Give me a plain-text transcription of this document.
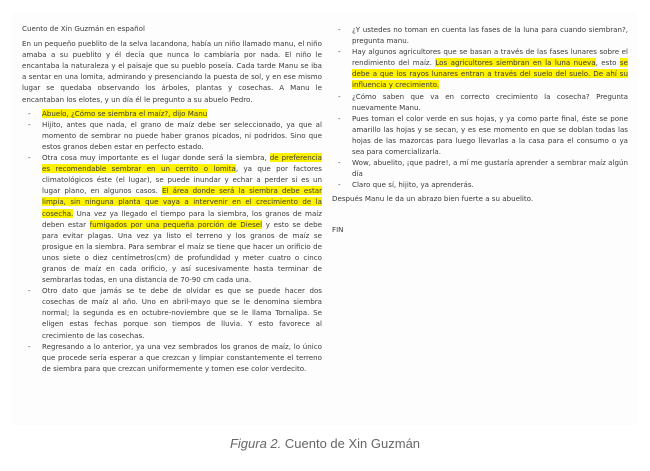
Cuento de Xin Guzmán en español

En un pequeño pueblito de la selva lacandona, había un niño llamado manu, el niño amaba a su pueblito y él decía que nunca lo cambiaría por nada. El niño le encantaba la naturaleza y el paisaje que su pueblo poseía. Cada tarde Manu se iba a sentar en una lomita, admirando y presenciando la puesta de sol, y en ese mismo lugar se quedaba observando los árboles, plantas y cosechas. A Manu le encantaban los elotes, y un día él le pregunto a su abuelo Pedro.

- Abuelo, ¿Cómo se siembra el maíz?, dijo Manu
- Hijito, antes que nada, el grano de maíz debe ser seleccionado, ya que al momento de sembrar no puede haber granos picados, ni podridos. Sino que estos granos deben estar en perfecto estado.
- Otra cosa muy importante es el lugar donde será la siembra, de preferencia es recomendable sembrar en un cerrito o lomita, ya que por factores climatológicos éste (el lugar), se puede inundar y echar a perder si es un lugar plano, en algunos casos. El área donde será la siembra debe estar limpia, sin ninguna planta que vaya a intervenir en el crecimiento de la cosecha. Una vez ya llegado el tiempo para la siembra, los granos de maíz deben estar fumigados por una pequeña porción de Diesel y esto se debe para evitar plagas. Una vez ya listo el terreno y los granos de maíz se prosigue en la siembra. Para sembrar el maíz se tiene que hacer un orificio de unos siete o diez centímetros(cm) de profundidad y meter cuatro o cinco granos de maíz en cada orificio, y así sucesivamente hasta terminar de sembrarlas todas, en una distancia de 70-90 cm cada una.
- Otro dato que jamás se te debe de olvidar es que se puede hacer dos cosechas de maíz al año. Uno en abril-mayo que se le denomina siembra normal; la segunda es en octubre-noviembre que se le llama Tornalipa. Se eligen estas fechas porque son tiempos de lluvia. Y esto favorece al crecimiento de las cosechas.
- Regresando a lo anterior, ya una vez sembrados los granos de maíz, lo único que procede sería esperar a que crezcan y limpiar constantemente el terreno de siembra para que crezcan uniformemente y tomen ese color verdecito.
- ¿Y ustedes no toman en cuenta las fases de la luna para cuando siembran?, pregunta manu.
- Hay algunos agricultores que se basan a través de las fases lunares sobre el rendimiento del maíz. Los agricultores siembran en la luna nueva, esto se debe a que los rayos lunares entran a través del suelo del suelo. De ahí su influencia y crecimiento.
- ¿Cómo saben que va en correcto crecimiento la cosecha? Pregunta nuevamente Manu.
- Pues toman el color verde en sus hojas, y ya como parte final, éste se pone amarillo las hojas y se secan, y es ese momento en que se doblan todas las hojas de las mazorcas para luego llevarlas a la casa para el consumo o ya sea para comercializarla.
- Wow, abuelito, ¡que padre!, a mí me gustaría aprender a sembrar maíz algún día
- Claro que sí, hijito, ya aprenderás.

Después Manu le da un abrazo bien fuerte a su abuelito.

FIN

Figura 2. Cuento de Xin Guzmán
